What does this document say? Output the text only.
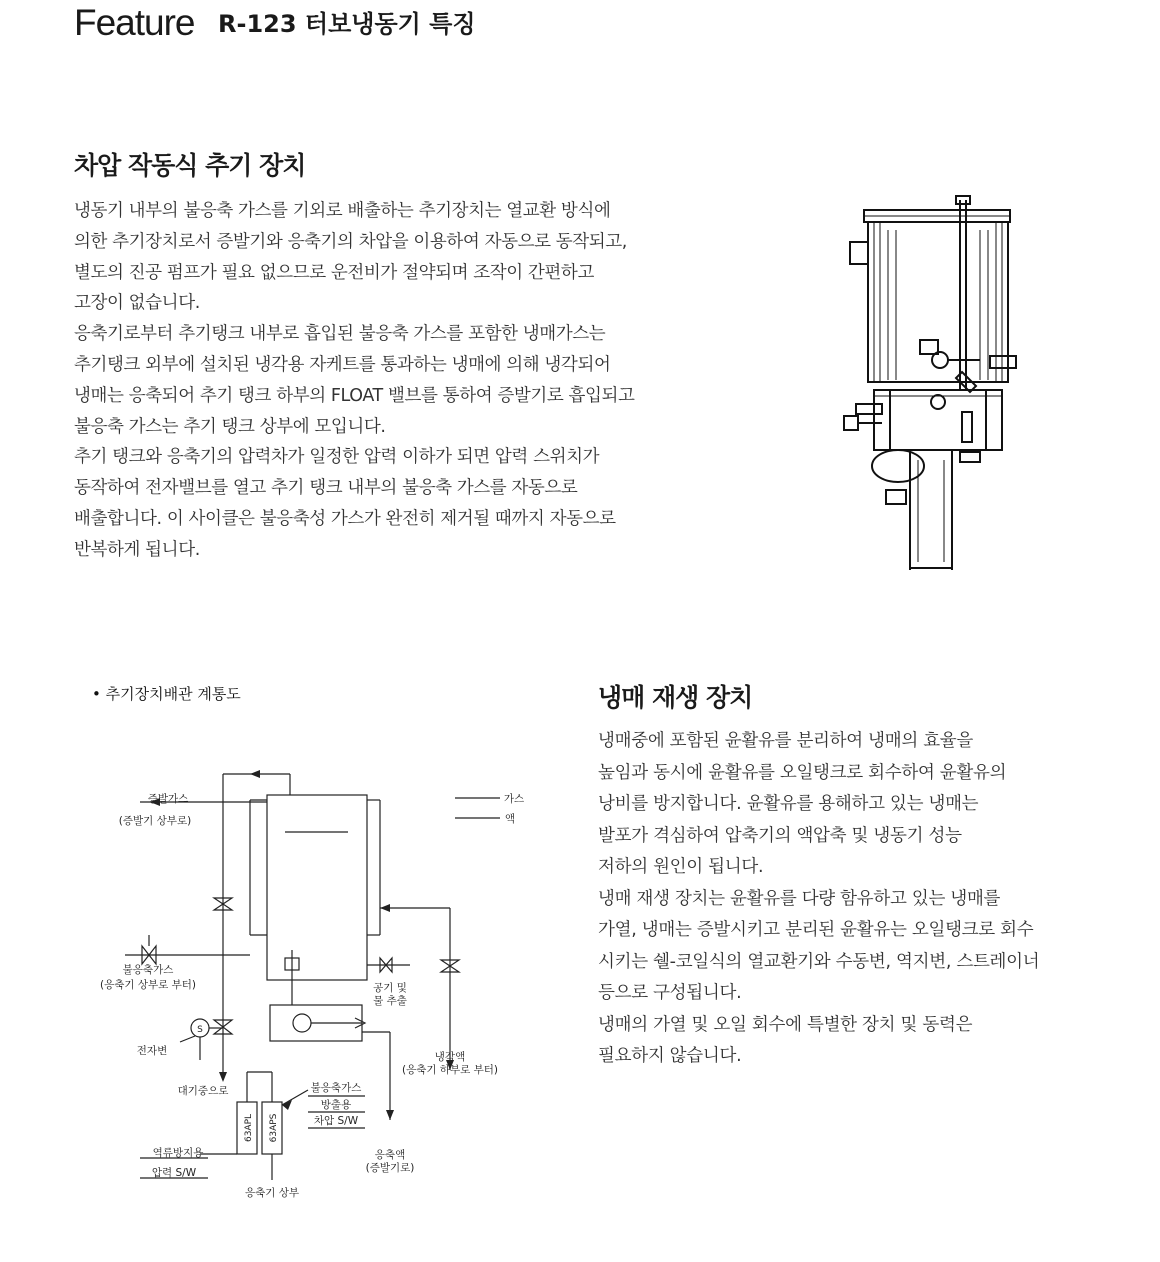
Feature R-123 터보냉동기 특징
차압 작동식 추기 장치

냉동기 내부의 불응축 가스를 기외로 배출하는 추기장치는 열교환 방식에

의한 추기장치로서 증발기와 응축기의 차압을 이용하여 자동으로 동작되고,

별도의 진공 펌프가 필요 없으므로 운전비가 절약되며 조작이 간편하고

고장이 없습니다.

응축기로부터 추기탱크 내부로 흡입된 불응축 가스를 포함한 냉매가스는

추기탱크 외부에 설치된 냉각용 자케트를 통과하는 냉매에 의해 냉각되어

냉매는 응축되어 추기 탱크 하부의 FLOAT 밸브를 통하여 증발기로 흡입되고

불응축 가스는 추기 탱크 상부에 모입니다.

추기 탱크와 응축기의 압력차가 일정한 압력 이하가 되면 압력 스위치가

동작하여 전자밸브를 열고 추기 탱크 내부의 불응축 가스를 자동으로

배출합니다. 이 사이클은 불응축성 가스가 완전히 제거될 때까지 자동으로

반복하게 됩니다.

• 추기장치배관 계통도
증발가스
(증발기 상부로)
가스
액
불응축가스
(응축기 상부로 부터)	공기 및
물 추출
S
전자변
대기중으로
냉각액
(응축기 하부로 부터)
불응축가스
방출용
차압 S/W
역류방지용
압력 S/W
응축액
(증발기로)
응축기 상부
63APL 63APS
냉매 재생 장치

냉매중에 포함된 윤활유를 분리하여 냉매의 효율을

높임과 동시에 윤활유를 오일탱크로 회수하여 윤활유의

낭비를 방지합니다. 윤활유를 용해하고 있는 냉매는

발포가 격심하여 압축기의 액압축 및 냉동기 성능

저하의 원인이 됩니다.

냉매 재생 장치는 윤활유를 다량 함유하고 있는 냉매를

가열, 냉매는 증발시키고 분리된 윤활유는 오일탱크로 회수

시키는 쉘-코일식의 열교환기와 수동변, 역지변, 스트레이너

등으로 구성됩니다.

냉매의 가열 및 오일 회수에 특별한 장치 및 동력은

필요하지 않습니다.
